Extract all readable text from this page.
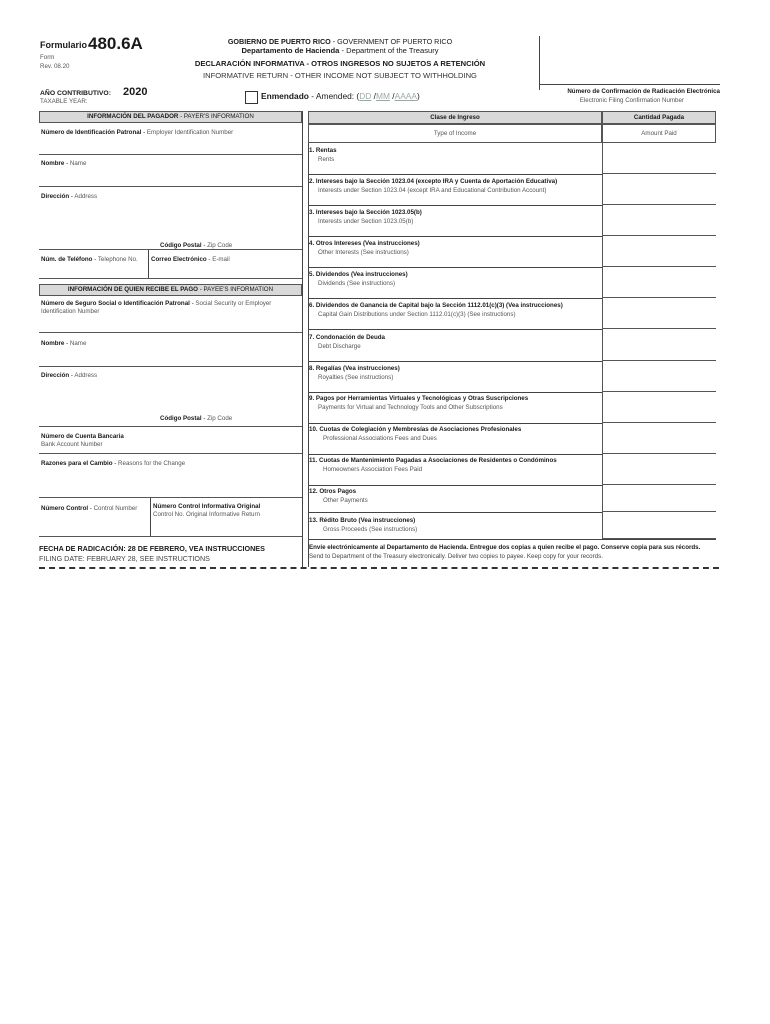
Formulario 480.6A
Form
Rev. 08.20
GOBIERNO DE PUERTO RICO - GOVERNMENT OF PUERTO RICO
Departamento de Hacienda - Department of the Treasury
DECLARACIÓN INFORMATIVA - OTROS INGRESOS NO SUJETOS A RETENCIÓN
INFORMATIVE RETURN - OTHER INCOME NOT SUBJECT TO WITHHOLDING
AÑO CONTRIBUTIVO:
TAXABLE YEAR:
2020	Enmendado - Amended: (DD /MM /AAAA)	Número de Confirmación de Radicación Electrónica
Electronic Filing Confirmation Number
INFORMACIÓN DEL PAGADOR - PAYER'S INFORMATION
Número de Identificación Patronal - Employer Identification Number
Nombre - Name
Dirección - Address
Código Postal - Zip Code
Núm. de Teléfono - Telephone No. Correo Electrónico - E-mail
INFORMACIÓN DE QUIEN RECIBE EL PAGO - PAYEE'S INFORMATION
Número de Seguro Social o Identificación Patronal - Social Security or Employer
Identification Number
Nombre - Name
Dirección - Address
Código Postal - Zip Code
Número de Cuenta Bancaria
Bank Account Number
Razones para el Cambio - Reasons for the Change
Número Control - Control Number	Número Control Informativa Original
Control No. Original Informative Return
FECHA DE RADICACIÓN: 28 DE FEBRERO, VEA INSTRUCCIONES
FILING DATE: FEBRUARY 28, SEE INSTRUCTIONS
Clase de Ingreso	Cantidad Pagada
Type of Income	Amount Paid
1. Rentas
Rents
2. Intereses bajo la Sección 1023.04 (excepto IRA y Cuenta de Aportación Educativa)
Interests under Section 1023.04 (except IRA and Educational Contribution Account)
3. Intereses bajo la Sección 1023.05(b)
Interests under Section 1023.05(b)
4. Otros Intereses (Vea instrucciones)
Other Interests (See instructions)
5. Dividendos (Vea instrucciones)
Dividends (See instructions)
6. Dividendos de Ganancia de Capital bajo la Sección 1112.01(c)(3) (Vea instrucciones)
Capital Gain Distributions under Section 1112.01(c)(3) (See instructions)
7. Condonación de Deuda
Debt Discharge
8. Regalías (Vea instrucciones)
Royalties (See instructions)
9. Pagos por Herramientas Virtuales y Tecnológicas y Otras Suscripciones
Payments for Virtual and Technology Tools and Other Subscriptions
10. Cuotas de Colegiación y Membresías de Asociaciones Profesionales
Professional Associations Fees and Dues
11. Cuotas de Mantenimiento Pagadas a Asociaciones de Residentes o Condóminos
Homeowners Association Fees Paid
12. Otros Pagos
Other Payments
13. Rédito Bruto (Vea instrucciones)
Gross Proceeds (See instructions)
Envíe electrónicamente al Departamento de Hacienda. Entregue dos copias a quien recibe el pago. Conserve copia para sus récords.
Send to Department of the Treasury electronically. Deliver two copies to payee. Keep copy for your records.
